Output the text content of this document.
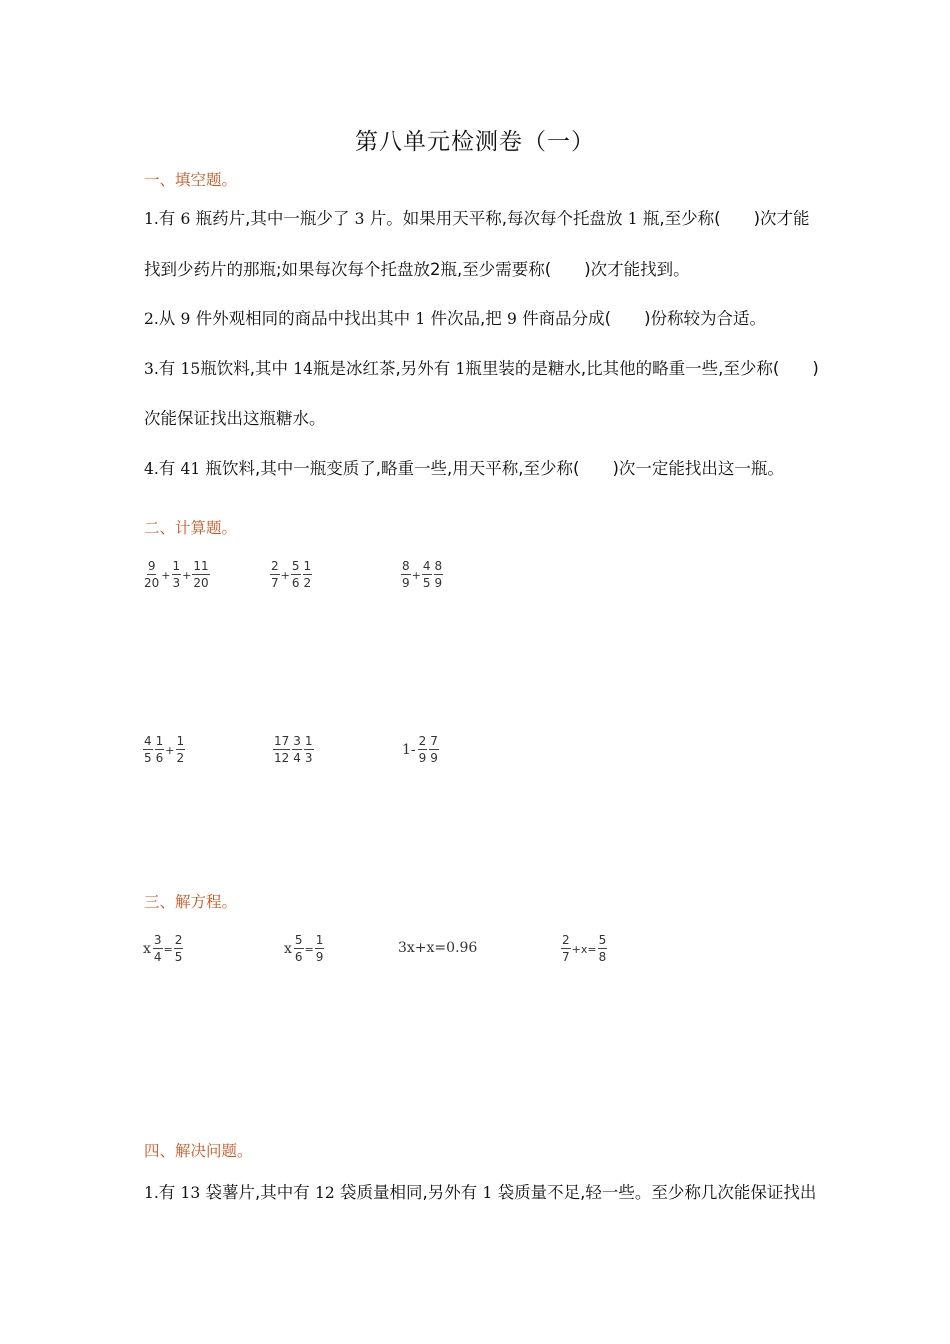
第八单元检测卷（一）
一、填空题。
1.有 6 瓶药片,其中一瓶少了 3 片。如果用天平称,每次每个托盘放 1 瓶,至少称(　　)次才能
找到少药片的那瓶;如果每次每个托盘放2瓶,至少需要称(　　)次才能找到。
2.从 9 件外观相同的商品中找出其中 1 件次品,把 9 件商品分成(　　)份称较为合适。
3.有 15瓶饮料,其中 14瓶是冰红茶,另外有 1瓶里装的是糖水,比其他的略重一些,至少称(　　)
次能保证找出这瓶糖水。
4.有 41 瓶饮料,其中一瓶变质了,略重一些,用天平称,至少称(　　)次一定能找出这一瓶。
二、计算题。
9
20
+ $\frac{1}{3} + \frac{11}{20}$	2
7
+ $\frac{5}{6} 1$
2
8
9
+ $\frac{4}{5} 8$
9
4
5
1
6
+ $\frac{1}{2}$	17
12
3
4
1
3
1-
2
9
7
9
三、解方程。
x $\frac{3}{4} = \frac{2}{5}$	x $\frac{5}{6} = \frac{1}{9}$	3x+x=0.96	2
7
$+x= \frac{5}{8}$
四、解决问题。
1.有 13 袋薯片,其中有 12 袋质量相同,另外有 1 袋质量不足,轻一些。至少称几次能保证找出
